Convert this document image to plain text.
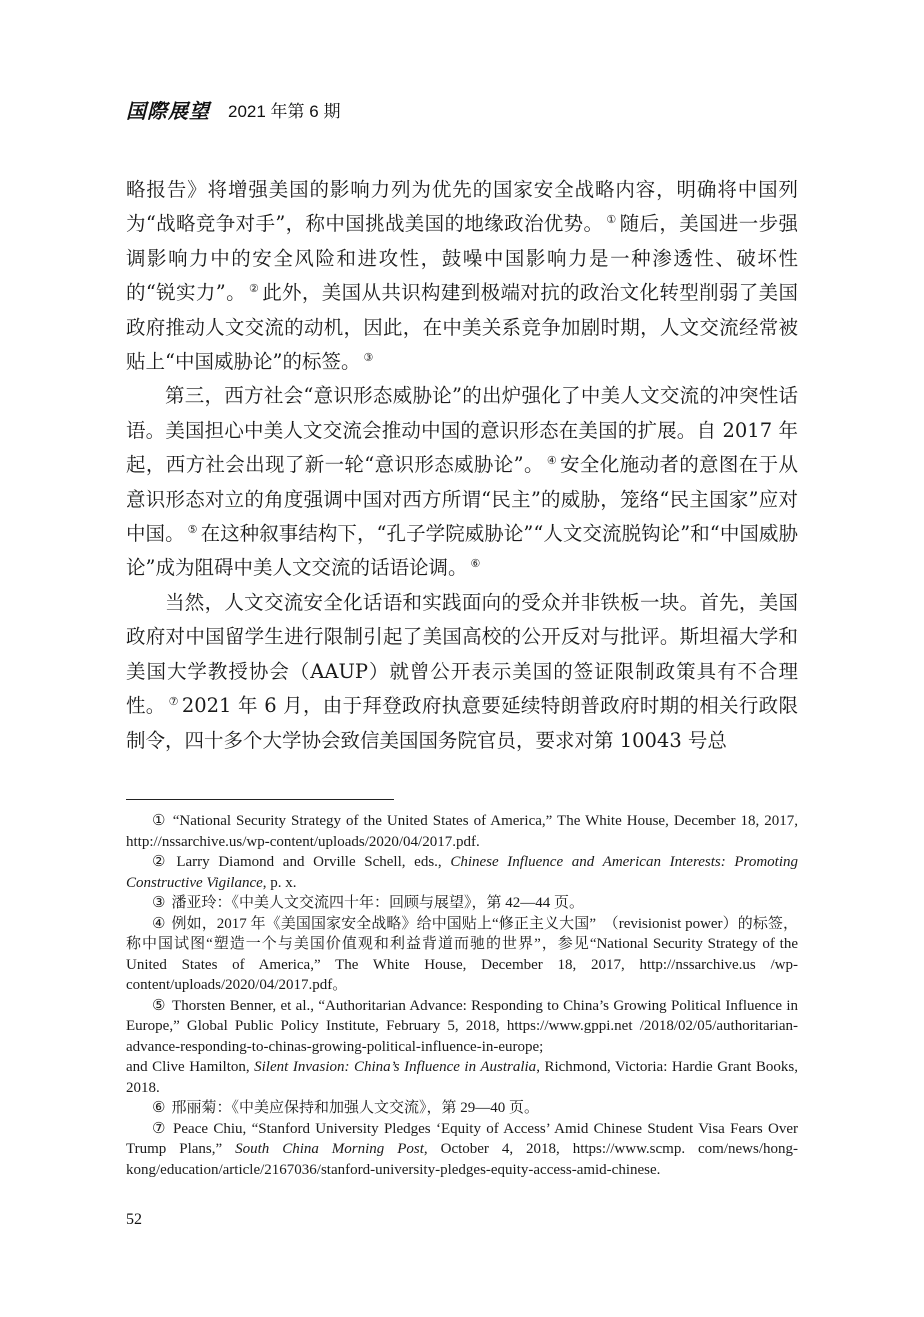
国際展望 2021 年第 6 期

略报告》将增强美国的影响力列为优先的国家安全战略内容，明确将中国列为“战略竞争对手”，称中国挑战美国的地缘政治优势。 ① 随后，美国进一步强调影响力中的安全风险和进攻性，鼓噪中国影响力是一种渗透性、破坏性的“锐实力”。 ② 此外，美国从共识构建到极端对抗的政治文化转型削弱了美国政府推动人文交流的动机，因此，在中美关系竞争加剧时期，人文交流经常被贴上“中国威胁论”的标签。 ③

第三，西方社会“意识形态威胁论”的出炉强化了中美人文交流的冲突性话语。美国担心中美人文交流会推动中国的意识形态在美国的扩展。自 2017 年起，西方社会出现了新一轮“意识形态威胁论”。 ④ 安全化施动者的意图在于从意识形态对立的角度强调中国对西方所谓“民主”的威胁，笼络“民主国家”应对中国。 ⑤ 在这种叙事结构下，“孔子学院威胁论”“人文交流脱钩论”和“中国威胁论”成为阻碍中美人文交流的话语论调。 ⑥

当然，人文交流安全化话语和实践面向的受众并非铁板一块。首先，美国政府对中国留学生进行限制引起了美国高校的公开反对与批评。斯坦福大学和美国大学教授协会（AAUP）就曾公开表示美国的签证限制政策具有不合理性。 ⑦ 2021 年 6 月，由于拜登政府执意要延续特朗普政府时期的相关行政限制令，四十多个大学协会致信美国国务院官员，要求对第 10043 号总

① “National Security Strategy of the United States of America,” The White House, December 18, 2017, http://nssarchive.us/wp-content/uploads/2020/04/2017.pdf.

② Larry Diamond and Orville Schell, eds., Chinese Influence and American Interests: Promoting Constructive Vigilance, p. x.

③ 潘亚玲：《中美人文交流四十年：回顾与展望》，第 42—44 页。

④ 例如，2017 年《美国国家安全战略》给中国贴上“修正主义大国”　（revisionist power）的标签，称中国试图“塑造一个与美国价值观和利益背道而驰的世界”，参见“National Security Strategy of the United States of America,” The White House, December 18, 2017, http://nssarchive.us /wp-content/uploads/2020/04/2017.pdf。

⑤ Thorsten Benner, et al., “Authoritarian Advance: Responding to China’s Growing Political Influence in Europe,” Global Public Policy Institute, February 5, 2018, https://www.gppi.net /2018/02/05/authoritarian-advance-responding-to-chinas-growing-political-influence-in-europe;

and Clive Hamilton, Silent Invasion: China’s Influence in Australia, Richmond, Victoria: Hardie Grant Books, 2018.

⑥ 邢丽菊：《中美应保持和加强人文交流》，第 29—40 页。

⑦ Peace Chiu, “Stanford University Pledges ‘Equity of Access’ Amid Chinese Student Visa Fears Over Trump Plans,” South China Morning Post, October 4, 2018, https://www.scmp. com/news/hong-kong/education/article/2167036/stanford-university-pledges-equity-access-amid-chinese.

52
